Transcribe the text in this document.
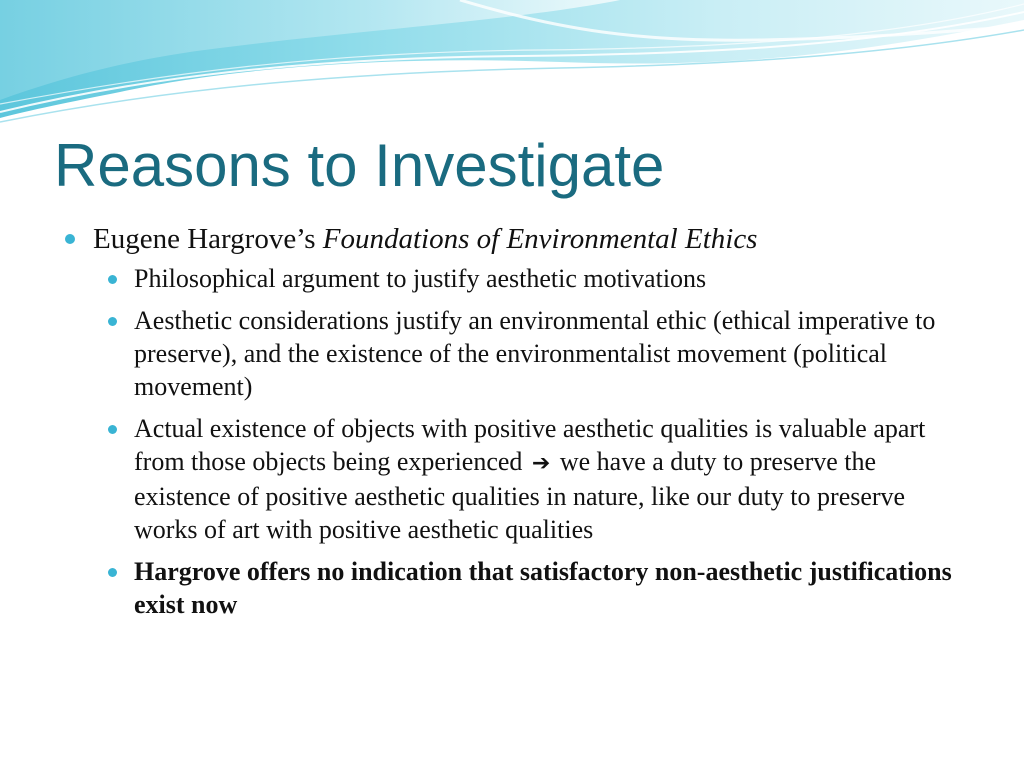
Reasons to Investigate
Eugene Hargrove’s Foundations of Environmental Ethics
Philosophical argument to justify aesthetic motivations
Aesthetic considerations justify an environmental ethic (ethical imperative to preserve), and the existence of the environmentalist movement (political movement)
Actual existence of objects with positive aesthetic qualities is valuable apart from those objects being experienced ➔ we have a duty to preserve the existence of positive aesthetic qualities in nature, like our duty to preserve works of art with positive aesthetic qualities
Hargrove offers no indication that satisfactory non-aesthetic justifications exist now
